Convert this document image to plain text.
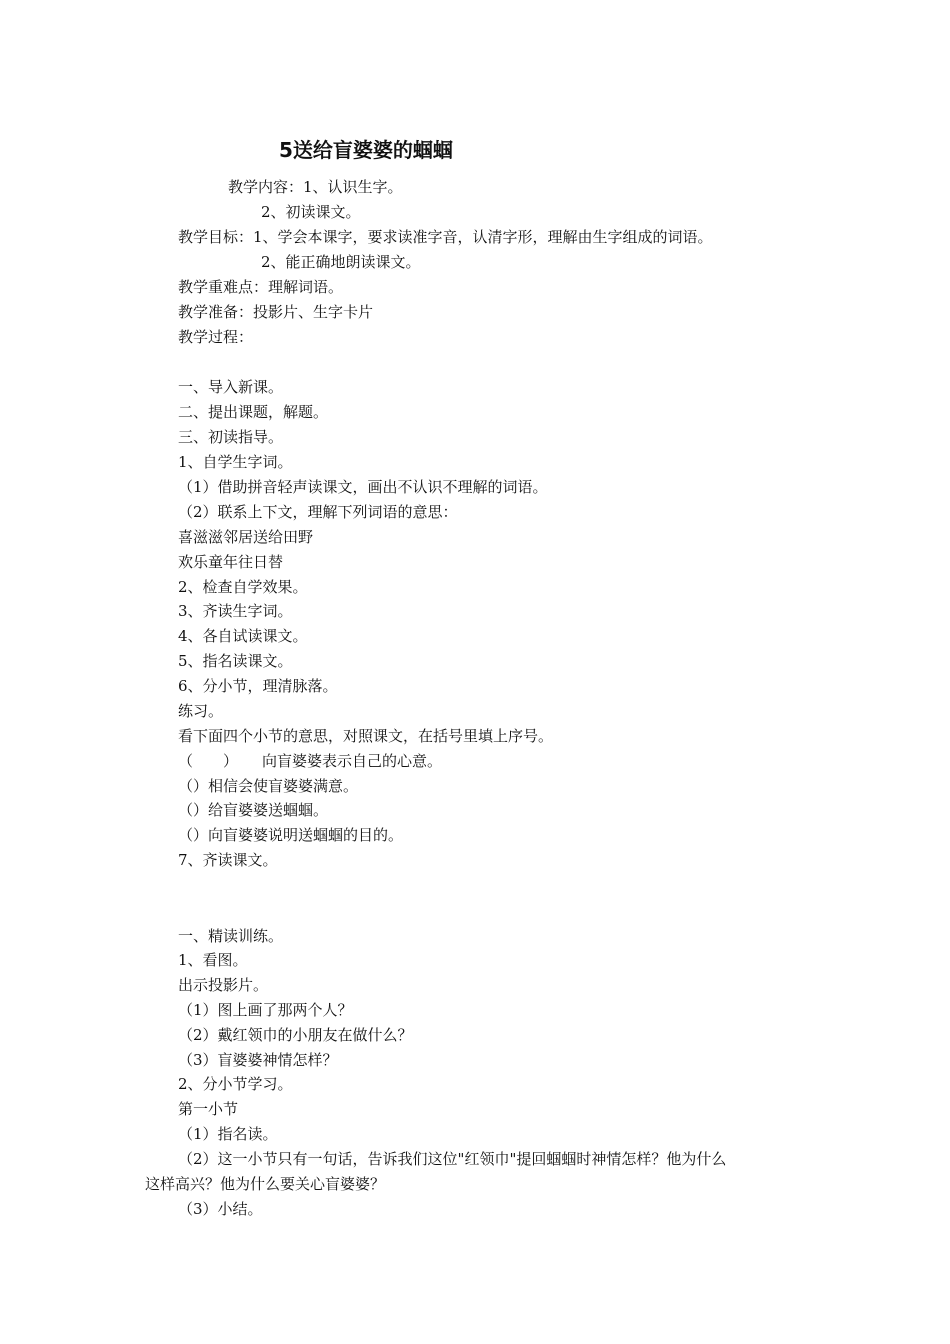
5送给盲婆婆的蝈蝈

教学内容：1、认识生字。

2、初读课文。

教学目标：1、学会本课字，要求读准字音，认清字形，理解由生字组成的词语。

2、能正确地朗读课文。

教学重难点：理解词语。

教学准备：投影片、生字卡片

教学过程：

一、导入新课。

二、提出课题，解题。

三、初读指导。

1、自学生字词。

（1）借助拼音轻声读课文，画出不认识不理解的词语。

（2）联系上下文，理解下列词语的意思：

喜滋滋邻居送给田野

欢乐童年往日替

2、检查自学效果。

3、齐读生字词。

4、各自试读课文。

5、指名读课文。

6、分小节，理清脉落。

练习。

看下面四个小节的意思，对照课文，在括号里填上序号。

（　　） 向盲婆婆表示自己的心意。

（）相信会使盲婆婆满意。

（）给盲婆婆送蝈蝈。

（）向盲婆婆说明送蝈蝈的目的。

7、齐读课文。

一、精读训练。

1、看图。

出示投影片。

（1）图上画了那两个人？

（2）戴红领巾的小朋友在做什么？

（3）盲婆婆神情怎样？

2、分小节学习。

第一小节

（1）指名读。

（2）这一小节只有一句话，告诉我们这位"红领巾"提回蝈蝈时神情怎样？他为什么

这样高兴？他为什么要关心盲婆婆？

（3）小结。
